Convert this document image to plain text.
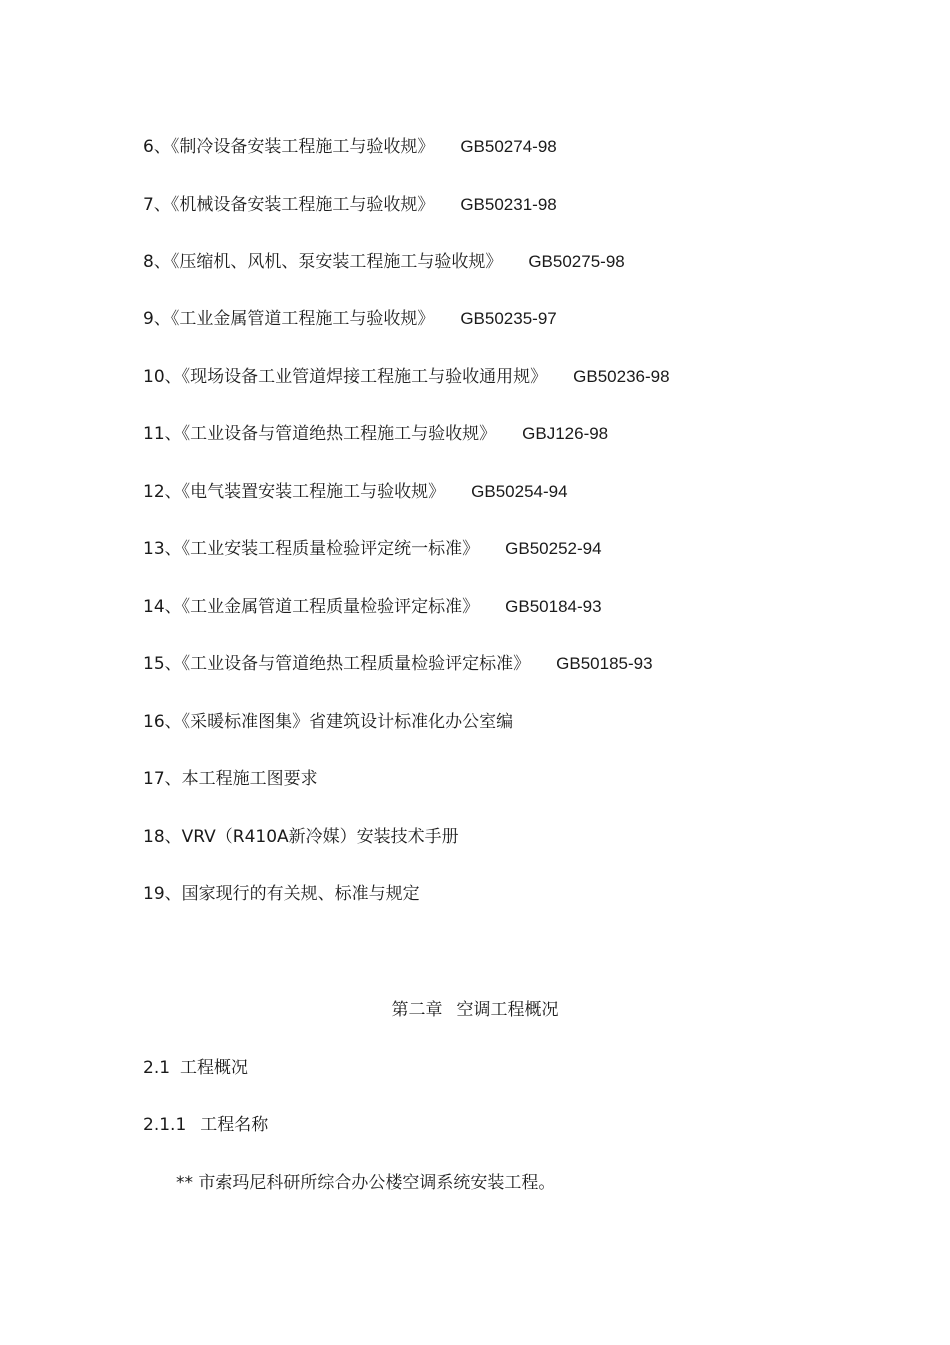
6、《制冷设备安装工程施工与验收规》 GB50274-98
7、《机械设备安装工程施工与验收规》 GB50231-98
8、《压缩机、风机、泵安装工程施工与验收规》 GB50275-98
9、《工业金属管道工程施工与验收规》 GB50235-97
10、《现场设备工业管道焊接工程施工与验收通用规》 GB50236-98
11、《工业设备与管道绝热工程施工与验收规》 GBJ126-98
12、《电气装置安装工程施工与验收规》 GB50254-94
13、《工业安装工程质量检验评定统一标准》 GB50252-94
14、《工业金属管道工程质量检验评定标准》 GB50184-93
15、《工业设备与管道绝热工程质量检验评定标准》 GB50185-93
16、《采暖标准图集》省建筑设计标准化办公室编
17、本工程施工图要求
18、VRV（R410A新冷媒）安装技术手册
19、国家现行的有关规、标准与规定
第二章 空调工程概况
2.1 工程概况
2.1.1 工程名称
** 市索玛尼科研所综合办公楼空调系统安装工程。
